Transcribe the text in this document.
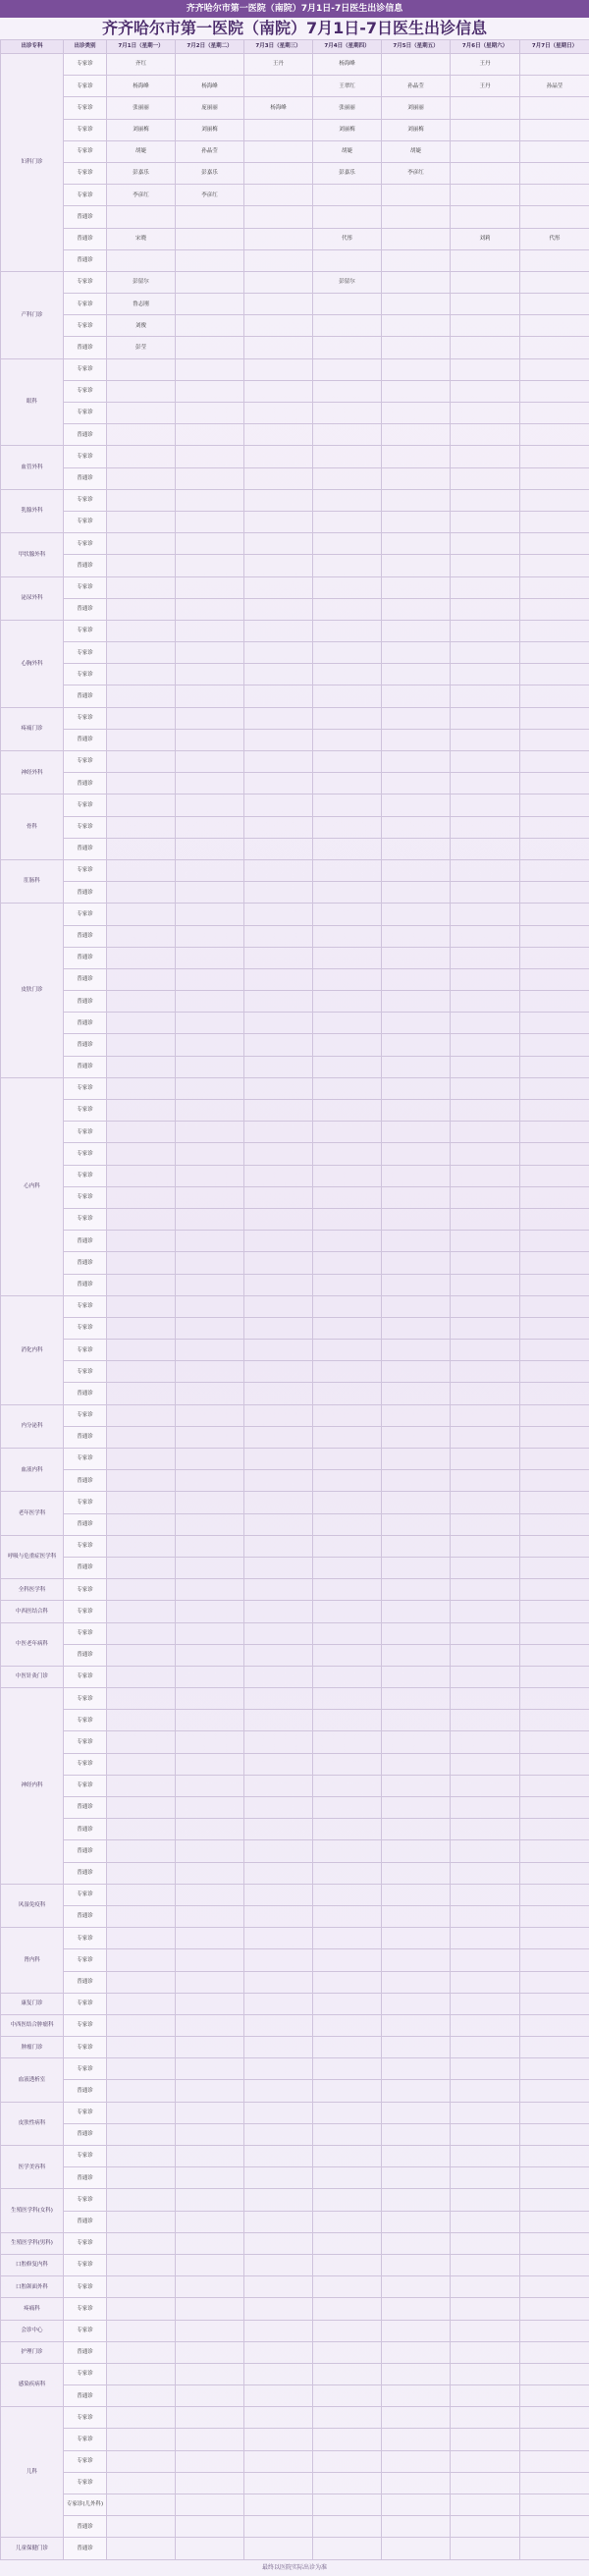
齐齐哈尔市第一医院（南院）7月1日-7日医生出诊信息
齐齐哈尔市第一医院（南院）7月1日-7日医生出诊信息
出诊专科	出诊类别	7月1日（星期一）	7月2日（星期二）	7月3日（星期三）	7月4日（星期四）	7月5日（星期五）	7月6日（星期六）	7月7日（星期日）
妇科门诊	专家诊	齐红		王丹	杨海峰		王丹	
	专家诊	杨海峰	杨海峰		王翠红	孙晶莹	王丹	孙晶莹
	专家诊	张丽丽	庞丽丽	杨海峰	张丽丽	刘丽丽		
	专家诊	刘丽梅	刘丽梅		刘丽梅	刘丽梅		
	专家诊	胡婕	孙晶莹		胡婕	胡婕		
	专家诊	彭嘉乐	彭嘉乐		彭嘉乐	李彦红		
	专家诊	李彦红	李彦红					
	普通诊							
	普通诊	宋晓			代彤		刘莉	代彤
	普通诊							
产科门诊	专家诊	彭留尔			彭留尔			
	专家诊	鲁志刚						
	专家诊	刘俊						
	普通诊	彭莹						
眼科	专家诊							
	专家诊							
	专家诊							
	普通诊							
血管外科	专家诊							
	普通诊							
乳腺外科	专家诊							
	专家诊							
甲状腺外科	专家诊							
	普通诊							
泌尿外科	专家诊							
	普通诊							
心胸外科	专家诊							
	专家诊							
	专家诊							
	普通诊							
疼痛门诊	专家诊							
	普通诊							
神经外科	专家诊							
	普通诊							
骨科	专家诊							
	专家诊							
	普通诊							
肛肠科	专家诊							
	普通诊							
皮肤门诊	专家诊							
	普通诊							
	普通诊							
	普通诊							
	普通诊							
	普通诊							
	普通诊							
	普通诊							
心内科	专家诊							
	专家诊							
	专家诊							
	专家诊							
	专家诊							
	专家诊							
	专家诊							
	普通诊							
	普通诊							
	普通诊							
消化内科	专家诊							
	专家诊							
	专家诊							
	专家诊							
	普通诊							
内分泌科	专家诊							
	普通诊							
血液内科	专家诊							
	普通诊							
老年医学科	专家诊							
	普通诊							
呼吸与危重症医学科	专家诊							
	普通诊							
全科医学科	专家诊							
中西医结合科	专家诊							
中医老年病科	专家诊							
	普通诊							
中医针灸门诊	专家诊							
神经内科	专家诊							
	专家诊							
	专家诊							
	专家诊							
	专家诊							
	普通诊							
	普通诊							
	普通诊							
	普通诊							
风湿免疫科	专家诊							
	普通诊							
肾内科	专家诊							
	专家诊							
	普通诊							
康复门诊	专家诊							
中西医结合肿瘤科	专家诊							
肿瘤门诊	专家诊							
血液透析室	专家诊							
	普通诊							
皮肤性病科	专家诊							
	普通诊							
医学美容科	专家诊							
	普通诊							
生殖医学科(女科)	专家诊							
	普通诊							
生殖医学科(男科)	专家诊							
口腔修复内科	专家诊							
口腔颌面外科	专家诊							
疼痛科	专家诊							
会诊中心	专家诊							
护理门诊	普通诊							
感染疾病科	专家诊							
	普通诊							
儿科	专家诊							
	专家诊							
	专家诊							
	专家诊							
	专家诊(儿外科)							
	普通诊							
儿童保健门诊	普通诊							
最终以医院实际出诊为准
